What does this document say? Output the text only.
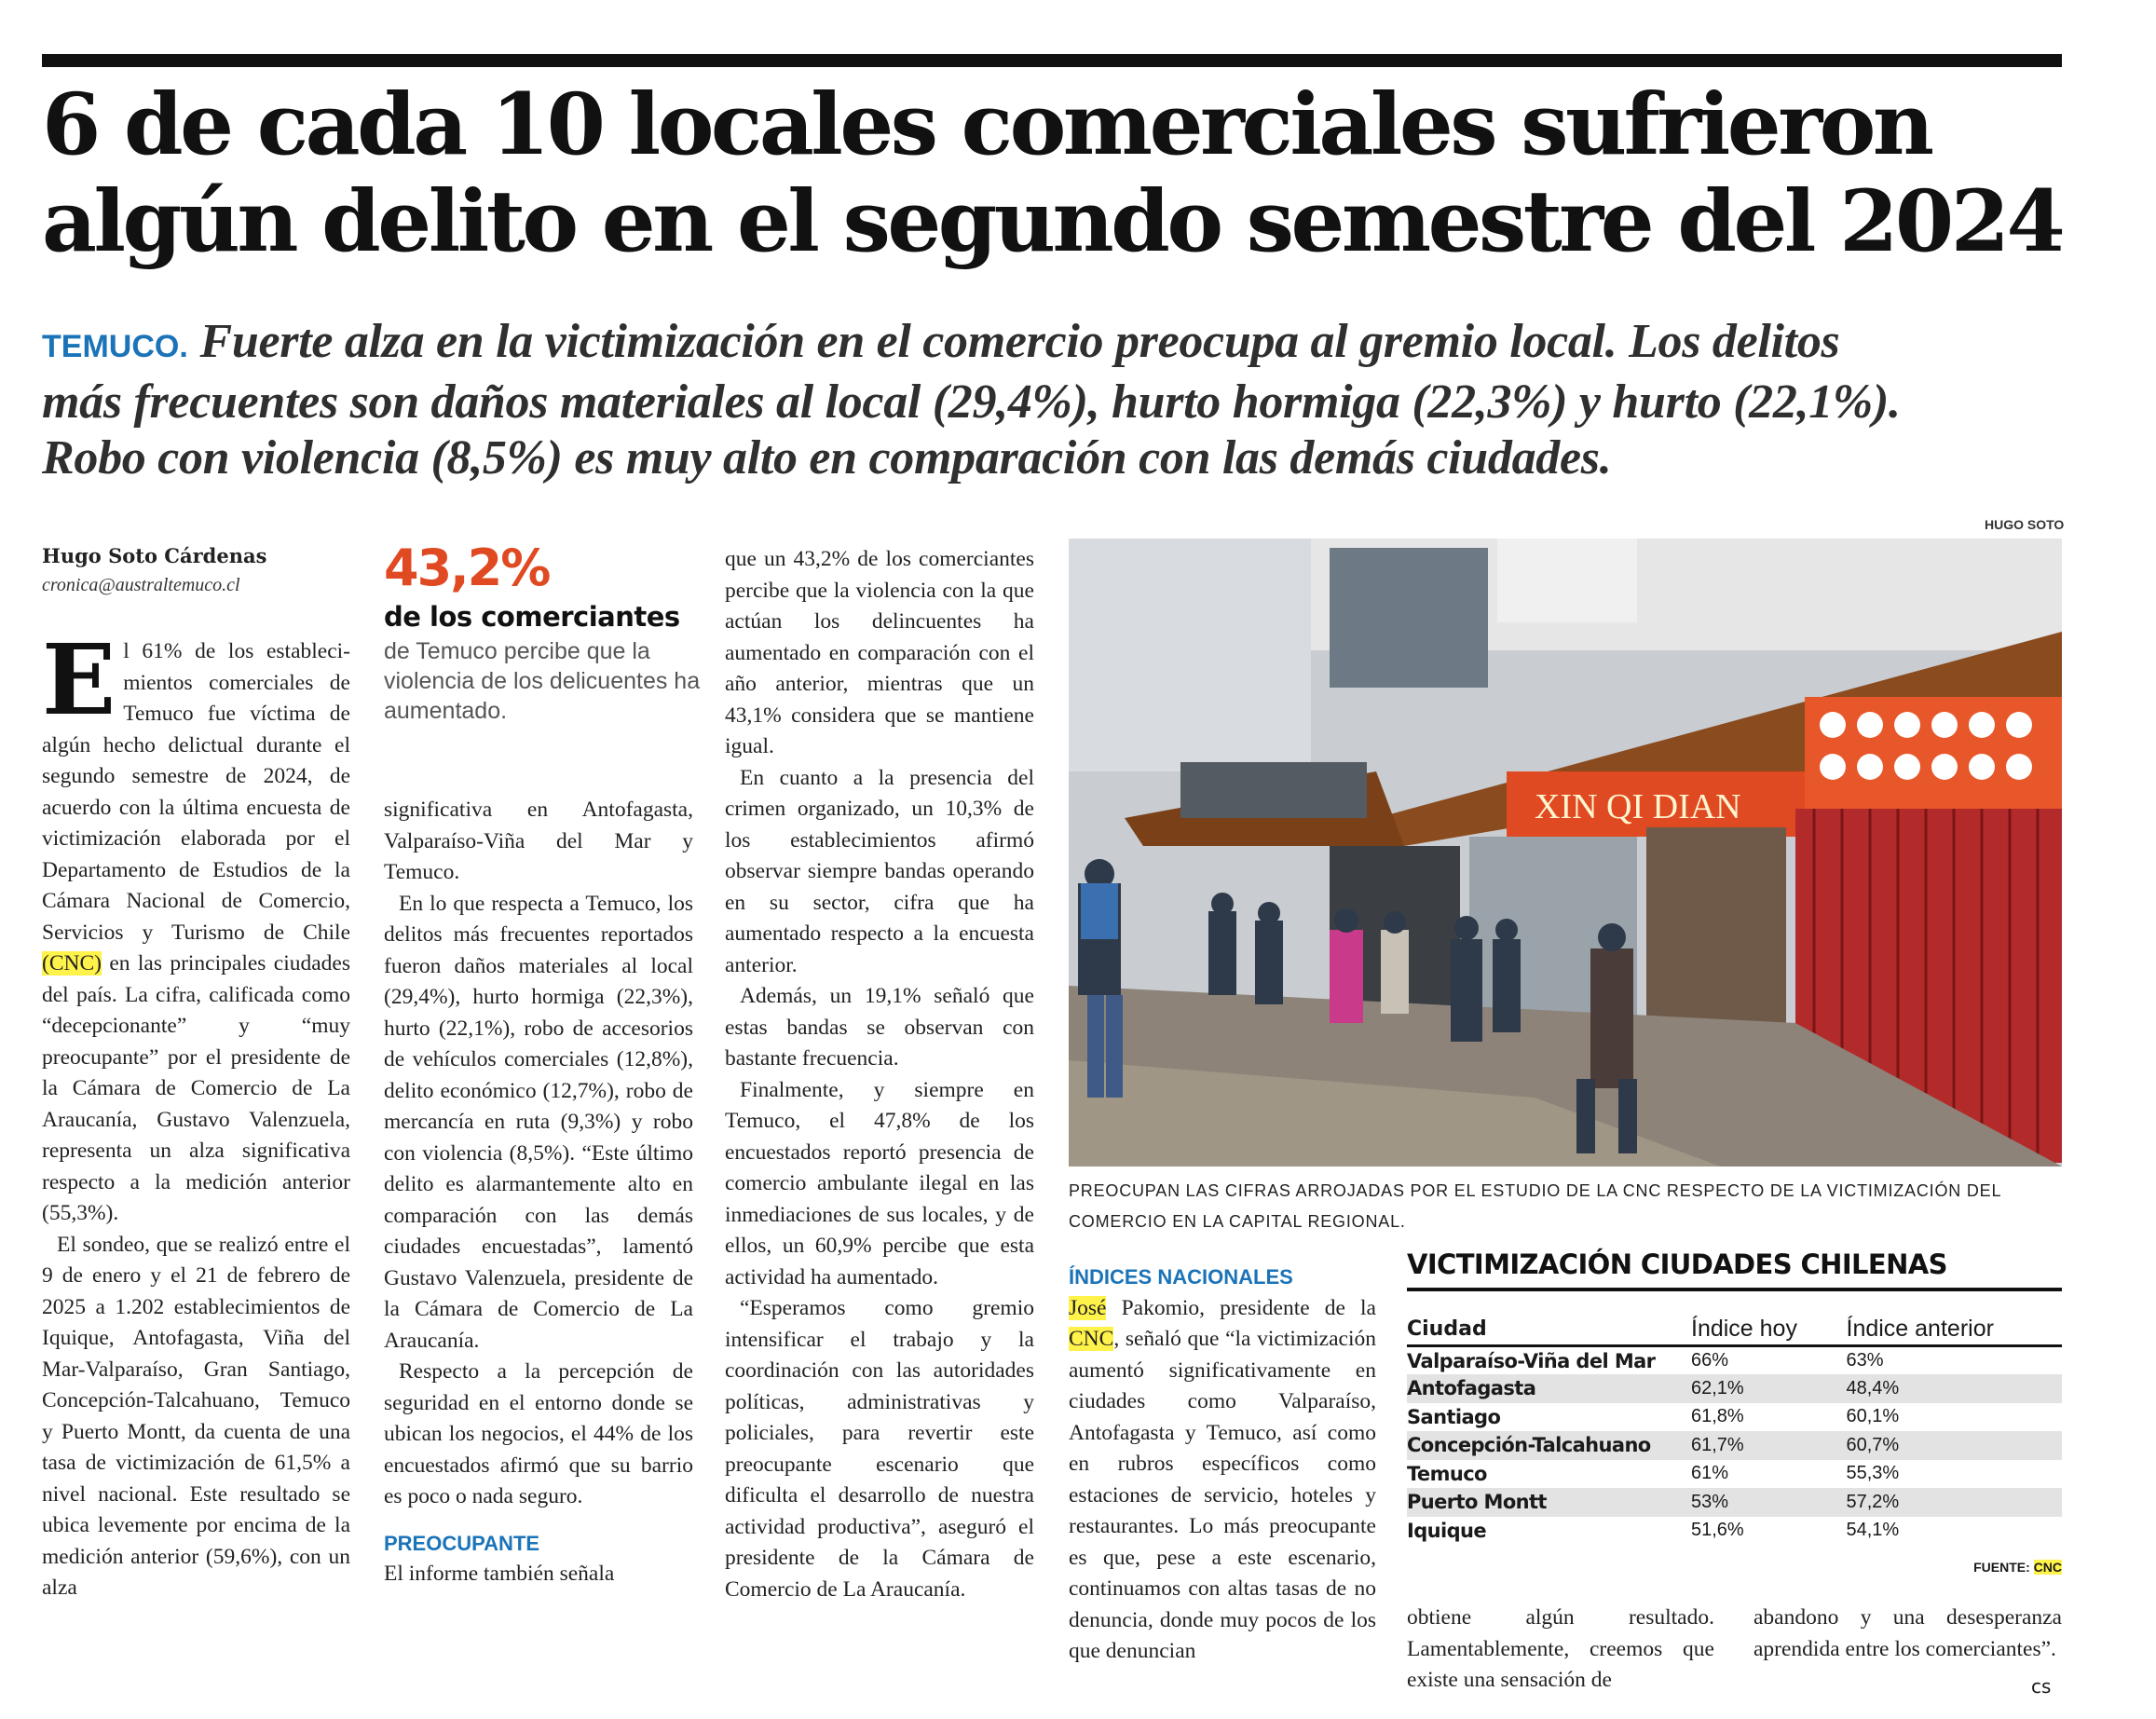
6 de cada 10 locales comerciales sufrieron
algún delito en el segundo semestre del 2024
TEMUCO. Fuerte alza en la victimización en el comercio preocupa al gremio local. Los delitos
más frecuentes son daños materiales al local (29,4%), hurto hormiga (22,3%) y hurto (22,1%).
Robo con violencia (8,5%) es muy alto en comparación con las demás ciudades.
Hugo Soto Cárdenas
cronica@australtemuco.cl

El 61% de los estableci-mientos comerciales de Temuco fue víctima de algún hecho delictual durante el segundo semestre de 2024, de acuerdo con la última encuesta de victimización elaborada por el Departamento de Estudios de la Cámara Nacional de Comercio, Servicios y Turismo de Chile (CNC) en las principales ciudades del país. La cifra, calificada como “decepcionante” y “muy preocupante” por el presidente de la Cámara de Comercio de La Araucanía, Gustavo Valenzuela, representa un alza significativa respecto a la medición anterior (55,3%).

El sondeo, que se realizó entre el 9 de enero y el 21 de febrero de 2025 a 1.202 establecimientos de Iquique, Antofagasta, Viña del Mar-Valparaíso, Gran Santiago, Concepción-Talcahuano, Temuco y Puerto Montt, da cuenta de una tasa de victimización de 61,5% a nivel nacional. Este resultado se ubica levemente por encima de la medición anterior (59,6%), con un alza

43,2%
de los comerciantes
de Temuco percibe que la violencia de los delicuentes ha aumentado.

significativa en Antofagasta, Valparaíso-Viña del Mar y Temuco.

En lo que respecta a Temuco, los delitos más frecuentes reportados fueron daños materiales al local (29,4%), hurto hormiga (22,3%), hurto (22,1%), robo de accesorios de vehículos comerciales (12,8%), delito económico (12,7%), robo de mercancía en ruta (9,3%) y robo con violencia (8,5%). “Este último delito es alarmantemente alto en comparación con las demás ciudades encuestadas”, lamentó Gustavo Valenzuela, presidente de la Cámara de Comercio de La Araucanía.

Respecto a la percepción de seguridad en el entorno donde se ubican los negocios, el 44% de los encuestados afirmó que su barrio es poco o nada seguro.

PREOCUPANTE

El informe también señala

que un 43,2% de los comerciantes percibe que la violencia con la que actúan los delincuentes ha aumentado en comparación con el año anterior, mientras que un 43,1% considera que se mantiene igual.

En cuanto a la presencia del crimen organizado, un 10,3% de los establecimientos afirmó observar siempre bandas operando en su sector, cifra que ha aumentado respecto a la encuesta anterior.

Además, un 19,1% señaló que estas bandas se observan con bastante frecuencia.

Finalmente, y siempre en Temuco, el 47,8% de los encuestados reportó presencia de comercio ambulante ilegal en las inmediaciones de sus locales, y de ellos, un 60,9% percibe que esta actividad ha aumentado.

“Esperamos como gremio intensificar el trabajo y la coordinación con las autoridades políticas, administrativas y policiales, para revertir este preocupante escenario que dificulta el desarrollo de nuestra actividad productiva”, aseguró el presidente de la Cámara de Comercio de La Araucanía.

HUGO SOTO
XIN QI DIAN
PREOCUPAN LAS CIFRAS ARROJADAS POR EL ESTUDIO DE LA CNC RESPECTO DE LA VICTIMIZACIÓN DEL COMERCIO EN LA CAPITAL REGIONAL.

ÍNDICES NACIONALES

José Pakomio, presidente de la CNC, señaló que “la victimización aumentó significativamente en ciudades como Valparaíso, Antofagasta y Temuco, así como en rubros específicos como estaciones de servicio, hoteles y restaurantes. Lo más preocupante es que, pese a este escenario, continuamos con altas tasas de no denuncia, donde muy pocos de los que denuncian

VICTIMIZACIÓN CIUDADES CHILENAS
Ciudad	Índice hoy	Índice anterior
Valparaíso-Viña del Mar	66%	63%
Antofagasta	62,1%	48,4%
Santiago	61,8%	60,1%
Concepción-Talcahuano	61,7%	60,7%
Temuco	61%	55,3%
Puerto Montt	53%	57,2%
Iquique	51,6%	54,1%
FUENTE: CNC

obtiene algún resultado. Lamentablemente, creemos que existe una sensación de

abandono y una desesperanza aprendida entre los comerciantes”.

cs
